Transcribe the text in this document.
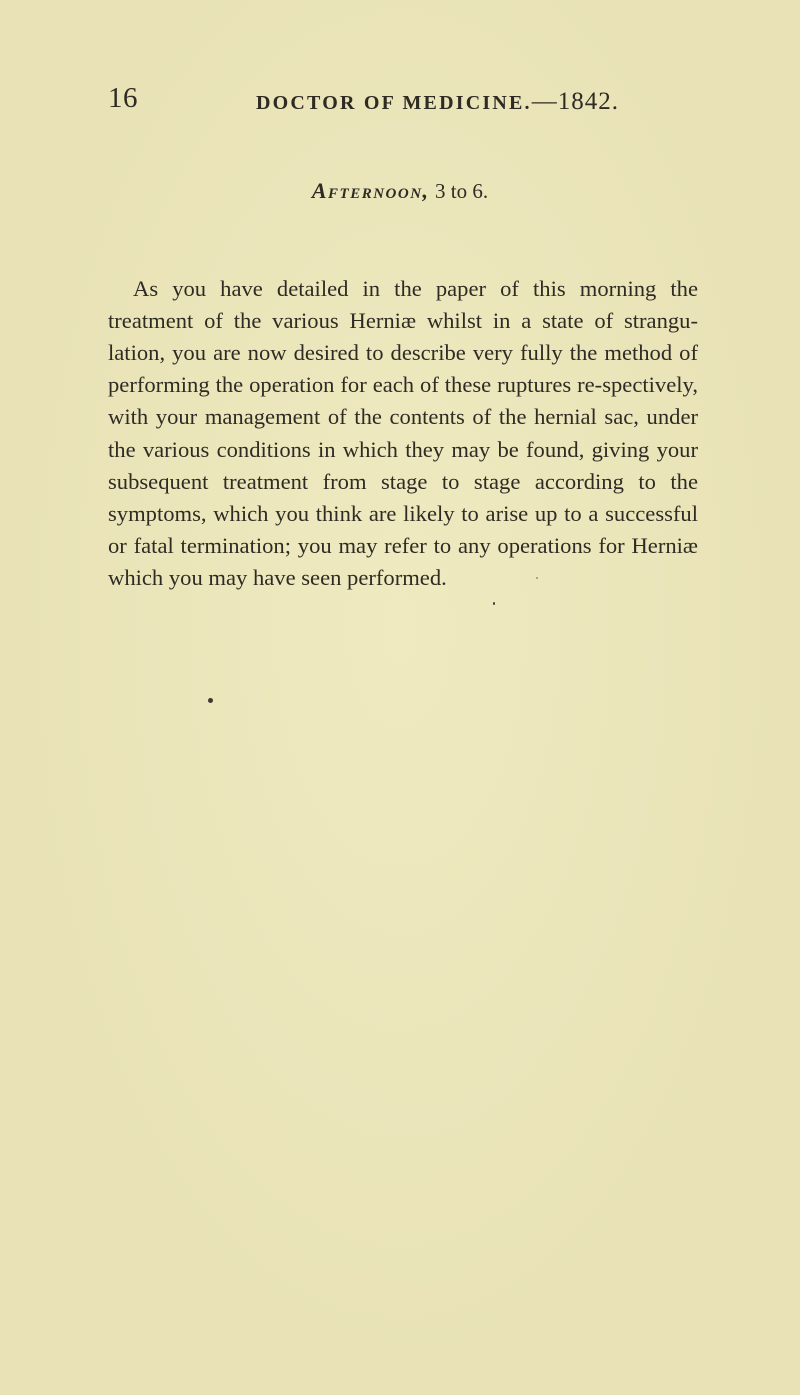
16	DOCTOR OF MEDICINE.—1842.
Afternoon, 3 to 6.

As you have detailed in the paper of this morning the treatment of the various Herniæ whilst in a state of strangu-lation, you are now desired to describe very fully the method of performing the operation for each of these ruptures re-spectively, with your management of the contents of the hernial sac, under the various conditions in which they may be found, giving your subsequent treatment from stage to stage according to the symptoms, which you think are likely to arise up to a successful or fatal termination; you may refer to any operations for Herniæ which you may have seen performed.
